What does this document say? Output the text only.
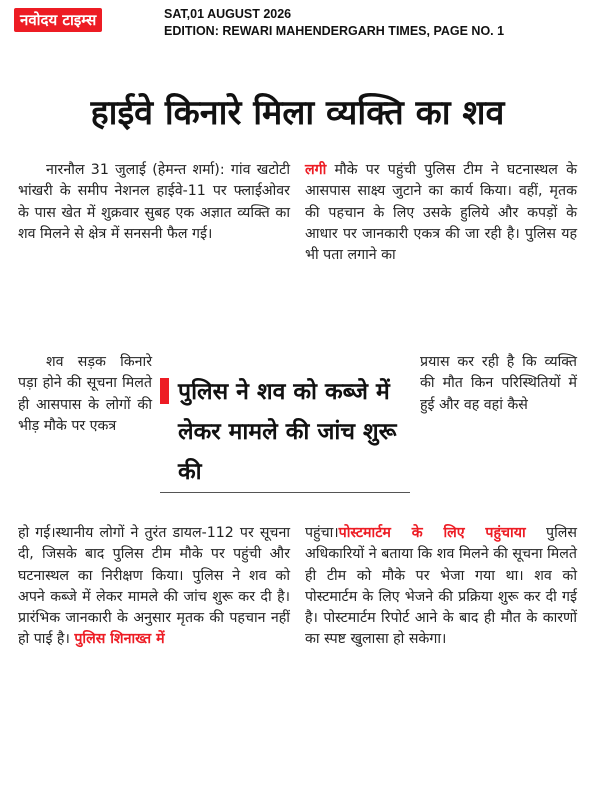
नवोदय टाइम्स	SAT,01 AUGUST 2026
EDITION: REWARI MAHENDERGARH TIMES, PAGE NO. 1
हाईवे किनारे मिला व्यक्ति का शव

नारनौल 31 जुलाई (हेमन्त शर्मा): गांव खटोटी भांखरी के समीप नेशनल हाईवे-11 पर फ्लाईओवर के पास खेत में शुक्रवार सुबह एक अज्ञात व्यक्ति का शव मिलने से क्षेत्र में सनसनी फैल गई।

शव सड़क किनारे पड़ा होने की सूचना मिलते ही आसपास के लोगों की भीड़ मौके पर एकत्र

हो गई।स्थानीय लोगों ने तुरंत डायल-112 पर सूचना दी, जिसके बाद पुलिस टीम मौके पर पहुंची और घटनास्थल का निरीक्षण किया। पुलिस ने शव को अपने कब्जे में लेकर मामले की जांच शुरू कर दी है।प्रारंभिक जानकारी के अनुसार मृतक की पहचान नहीं हो पाई है। पुलिस शिनाख्त में

लगी मौके पर पहुंची पुलिस टीम ने घटनास्थल के आसपास साक्ष्य जुटाने का कार्य किया। वहीं, मृतक की पहचान के लिए उसके हुलिये और कपड़ों के आधार पर जानकारी एकत्र की जा रही है। पुलिस यह भी पता लगाने का

प्रयास कर रही है कि व्यक्ति की मौत किन परिस्थितियों में हुई और वह वहां कैसे

पहुंचा।पोस्टमार्टम के लिए पहुंचाया पुलिस अधिकारियों ने बताया कि शव मिलने की सूचना मिलते ही टीम को मौके पर भेजा गया था। शव को पोस्टमार्टम के लिए भेजने की प्रक्रिया शुरू कर दी गई है। पोस्टमार्टम रिपोर्ट आने के बाद ही मौत के कारणों का स्पष्ट खुलासा हो सकेगा।

पुलिस ने शव को कब्जे में लेकर मामले की जांच शुरू की
